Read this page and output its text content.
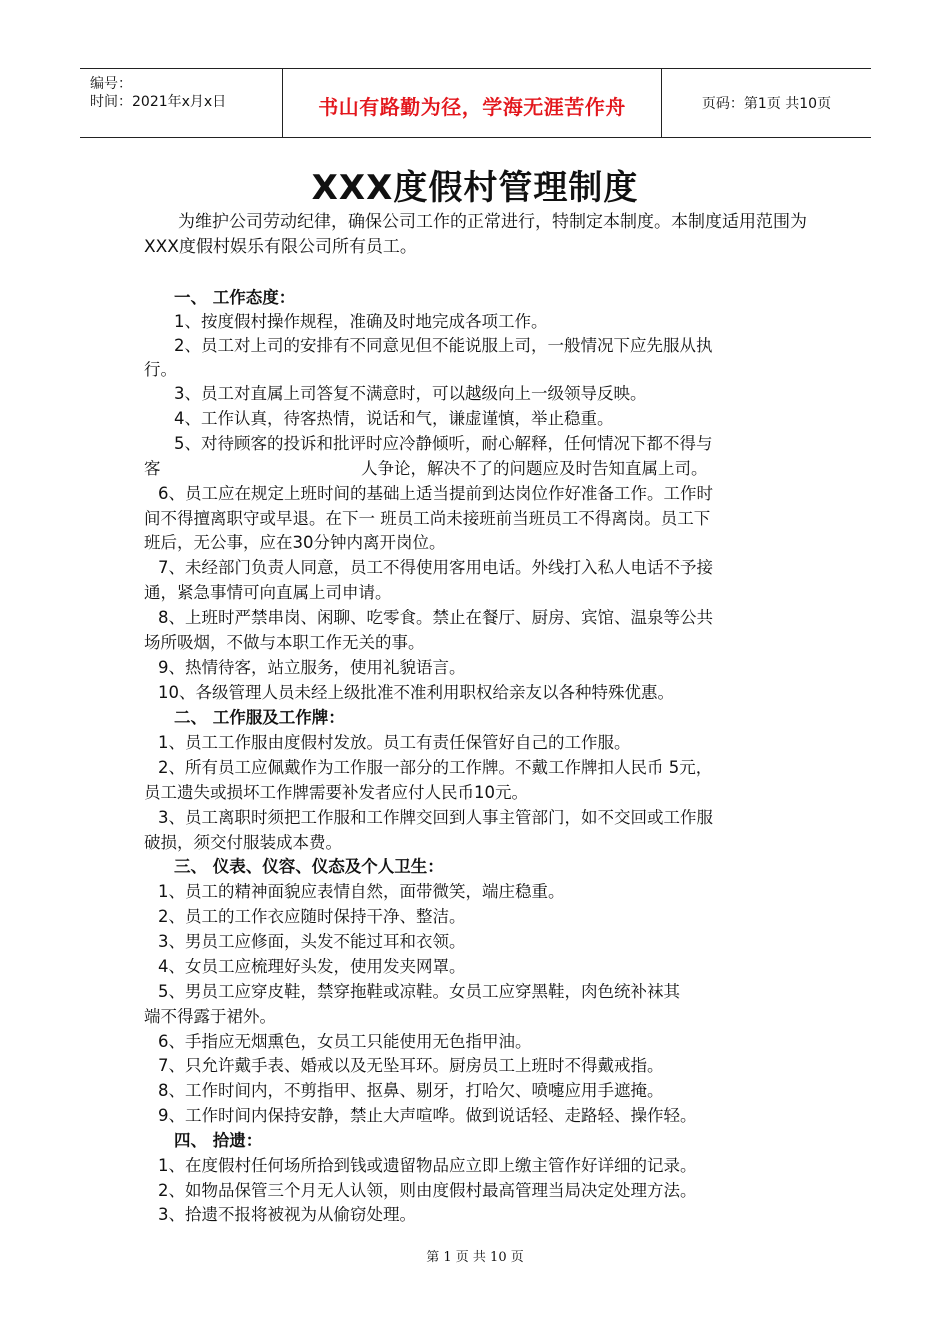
编号：
时间：2021年x月x日	书山有路勤为径，学海无涯苦作舟	页码：第1页 共10页
XXX度假村管理制度
为维护公司劳动纪律，确保公司工作的正常进行，特制定本制度。本制度适用范围为XXX度假村娱乐有限公司所有员工。
一、 工作态度：
1、按度假村操作规程，准确及时地完成各项工作。
2、员工对上司的安排有不同意见但不能说服上司，一般情况下应先服从执
行。
3、员工对直属上司答复不满意时，可以越级向上一级领导反映。
4、工作认真，待客热情，说话和气，谦虚谨慎，举止稳重。
5、对待顾客的投诉和批评时应冷静倾听，耐心解释，任何情况下都不得与
客	人争论，解决不了的问题应及时告知直属上司。
6、员工应在规定上班时间的基础上适当提前到达岗位作好准备工作。工作时
间不得擅离职守或早退。在下一 班员工尚未接班前当班员工不得离岗。员工下
班后，无公事，应在30分钟内离开岗位。
7、未经部门负责人同意，员工不得使用客用电话。外线打入私人电话不予接
通，紧急事情可向直属上司申请。
8、上班时严禁串岗、闲聊、吃零食。禁止在餐厅、厨房、宾馆、温泉等公共
场所吸烟，不做与本职工作无关的事。
9、热情待客，站立服务，使用礼貌语言。
10、各级管理人员未经上级批准不准利用职权给亲友以各种特殊优惠。
二、 工作服及工作牌：
1、员工工作服由度假村发放。员工有责任保管好自己的工作服。
2、所有员工应佩戴作为工作服一部分的工作牌。不戴工作牌扣人民币 5元，
员工遗失或损坏工作牌需要补发者应付人民币10元。
3、员工离职时须把工作服和工作牌交回到人事主管部门，如不交回或工作服
破损，须交付服装成本费。
三、 仪表、仪容、仪态及个人卫生：
1、员工的精神面貌应表情自然，面带微笑，端庄稳重。
2、员工的工作衣应随时保持干净、整洁。
3、男员工应修面，头发不能过耳和衣领。
4、女员工应梳理好头发，使用发夹网罩。
5、男员工应穿皮鞋，禁穿拖鞋或凉鞋。女员工应穿黑鞋，肉色统补袜其
端不得露于裙外。
6、手指应无烟熏色，女员工只能使用无色指甲油。
7、只允许戴手表、婚戒以及无坠耳环。厨房员工上班时不得戴戒指。
8、工作时间内，不剪指甲、抠鼻、剔牙，打哈欠、喷嚏应用手遮掩。
9、工作时间内保持安静，禁止大声喧哗。做到说话轻、走路轻、操作轻。
四、 拾遗：
1、在度假村任何场所拾到钱或遗留物品应立即上缴主管作好详细的记录。
2、如物品保管三个月无人认领，则由度假村最高管理当局决定处理方法。
3、拾遗不报将被视为从偷窃处理。
第 1 页 共 10 页
